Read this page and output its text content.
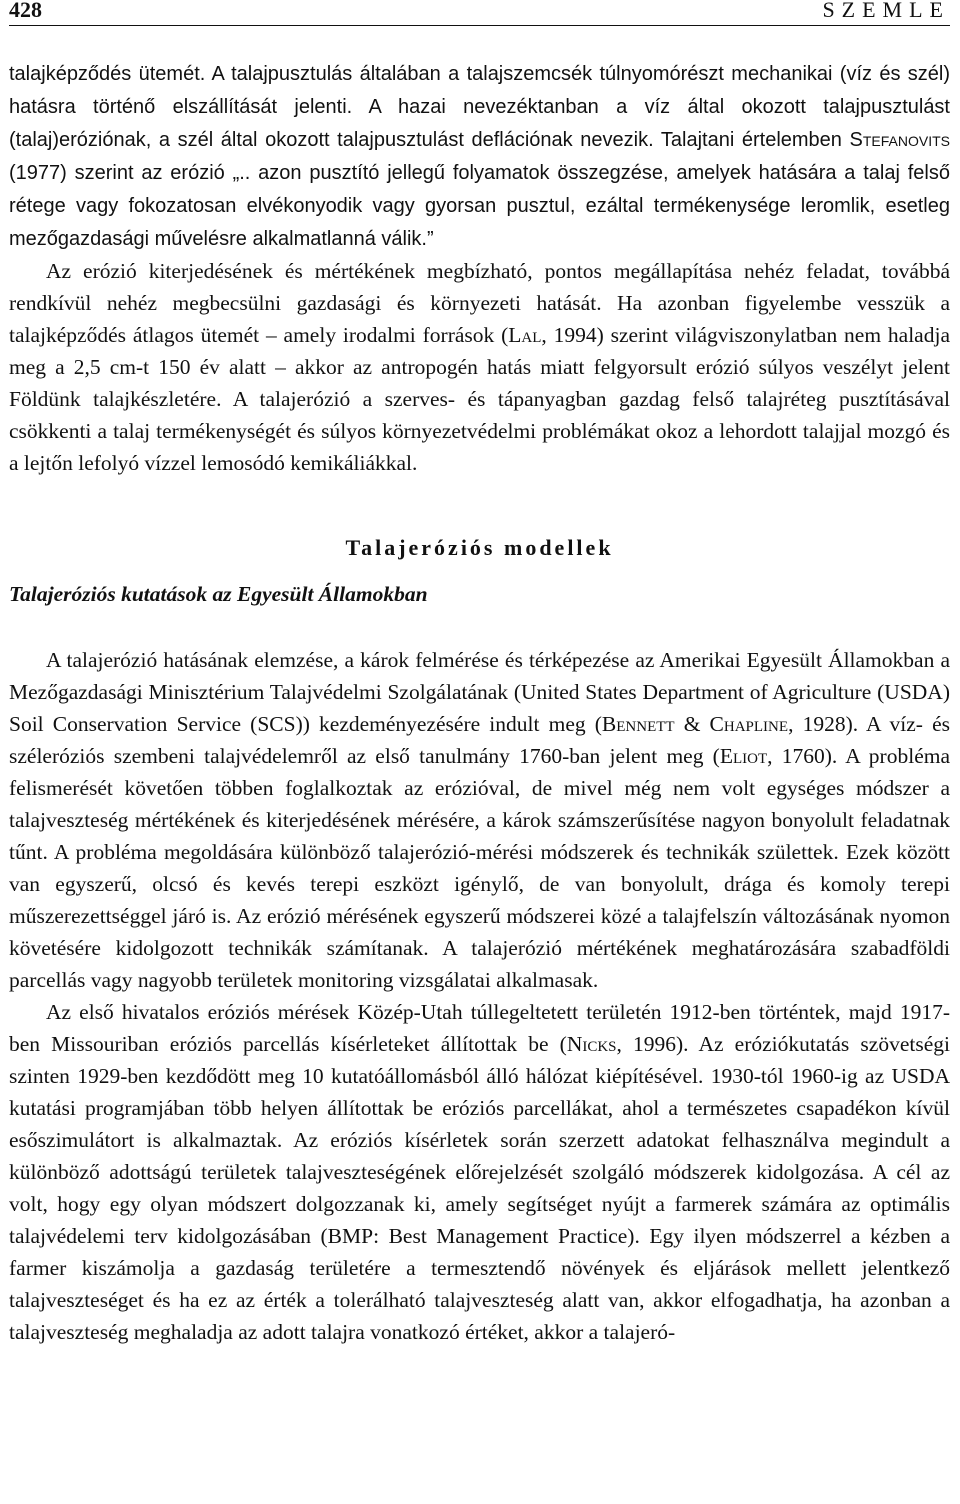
428	SZEMLE

talajképződés ütemét. A talajpusztulás általában a talajszemcsék túlnyomórészt mechanikai (víz és szél) hatásra történő elszállítását jelenti. A hazai nevezéktanban a víz által okozott talajpusztulást (talaj)eróziónak, a szél által okozott talajpusztulást deflációnak nevezik. Talajtani értelemben Stefanovits (1977) szerint az erózió „.. azon pusztító jellegű folyamatok összegzése, amelyek hatására a talaj felső rétege vagy fokozatosan elvékonyodik vagy gyorsan pusztul, ezáltal termékenysége leromlik, esetleg mezőgazdasági művelésre alkalmatlanná válik.”

Az erózió kiterjedésének és mértékének megbízható, pontos megállapítása nehéz feladat, továbbá rendkívül nehéz megbecsülni gazdasági és környezeti hatását. Ha azonban figyelembe vesszük a talajképződés átlagos ütemét – amely irodalmi források (Lal, 1994) szerint világviszonylatban nem haladja meg a 2,5 cm-t 150 év alatt – akkor az antropogén hatás miatt felgyorsult erózió súlyos veszélyt jelent Földünk talajkészletére. A talajerózió a szerves- és tápanyagban gazdag felső talajréteg pusztításával csökkenti a talaj termékenységét és súlyos környezetvédelmi problémákat okoz a lehordott talajjal mozgó és a lejtőn lefolyó vízzel lemosódó kemikáliákkal.

Talajeróziós modellek
Talajeróziós kutatások az Egyesült Államokban

A talajerózió hatásának elemzése, a károk felmérése és térképezése az Amerikai Egyesült Államokban a Mezőgazdasági Minisztérium Talajvédelmi Szolgálatának (United States Department of Agriculture (USDA) Soil Conservation Service (SCS)) kezdeményezésére indult meg (Bennett & Chapline, 1928). A víz- és széleróziós szembeni talajvédelemről az első tanulmány 1760-ban jelent meg (Eliot, 1760). A probléma felismerését követően többen foglalkoztak az erózióval, de mivel még nem volt egységes módszer a talajveszteség mértékének és kiterjedésének mérésére, a károk számszerűsítése nagyon bonyolult feladatnak tűnt. A probléma megoldására különböző talajerózió-mérési módszerek és technikák születtek. Ezek között van egyszerű, olcsó és kevés terepi eszközt igénylő, de van bonyolult, drága és komoly terepi műszerezettséggel járó is. Az erózió mérésének egyszerű módszerei közé a talajfelszín változásának nyomon követésére kidolgozott technikák számítanak. A talajerózió mértékének meghatározására szabadföldi parcellás vagy nagyobb területek monitoring vizsgálatai alkalmasak.

Az első hivatalos eróziós mérések Közép-Utah túllegeltetett területén 1912-ben történtek, majd 1917-ben Missouriban eróziós parcellás kísérleteket állítottak be (Nicks, 1996). Az eróziókutatás szövetségi szinten 1929-ben kezdődött meg 10 kutatóállomásból álló hálózat kiépítésével. 1930-tól 1960-ig az USDA kutatási programjában több helyen állítottak be eróziós parcellákat, ahol a természetes csapadékon kívül esőszimulátort is alkalmaztak. Az eróziós kísérletek során szerzett adatokat felhasználva megindult a különböző adottságú területek talajveszteségének előrejelzését szolgáló módszerek kidolgozása. A cél az volt, hogy egy olyan módszert dolgozzanak ki, amely segítséget nyújt a farmerek számára az optimális talajvédelemi terv kidolgozásában (BMP: Best Management Practice). Egy ilyen módszerrel a kézben a farmer kiszámolja a gazdaság területére a termesztendő növények és eljárások mellett jelentkező talajveszteséget és ha ez az érték a tolerálható talajveszteség alatt van, akkor elfogadhatja, ha azonban a talajveszteség meghaladja az adott talajra vonatkozó értéket, akkor a talajeró-
